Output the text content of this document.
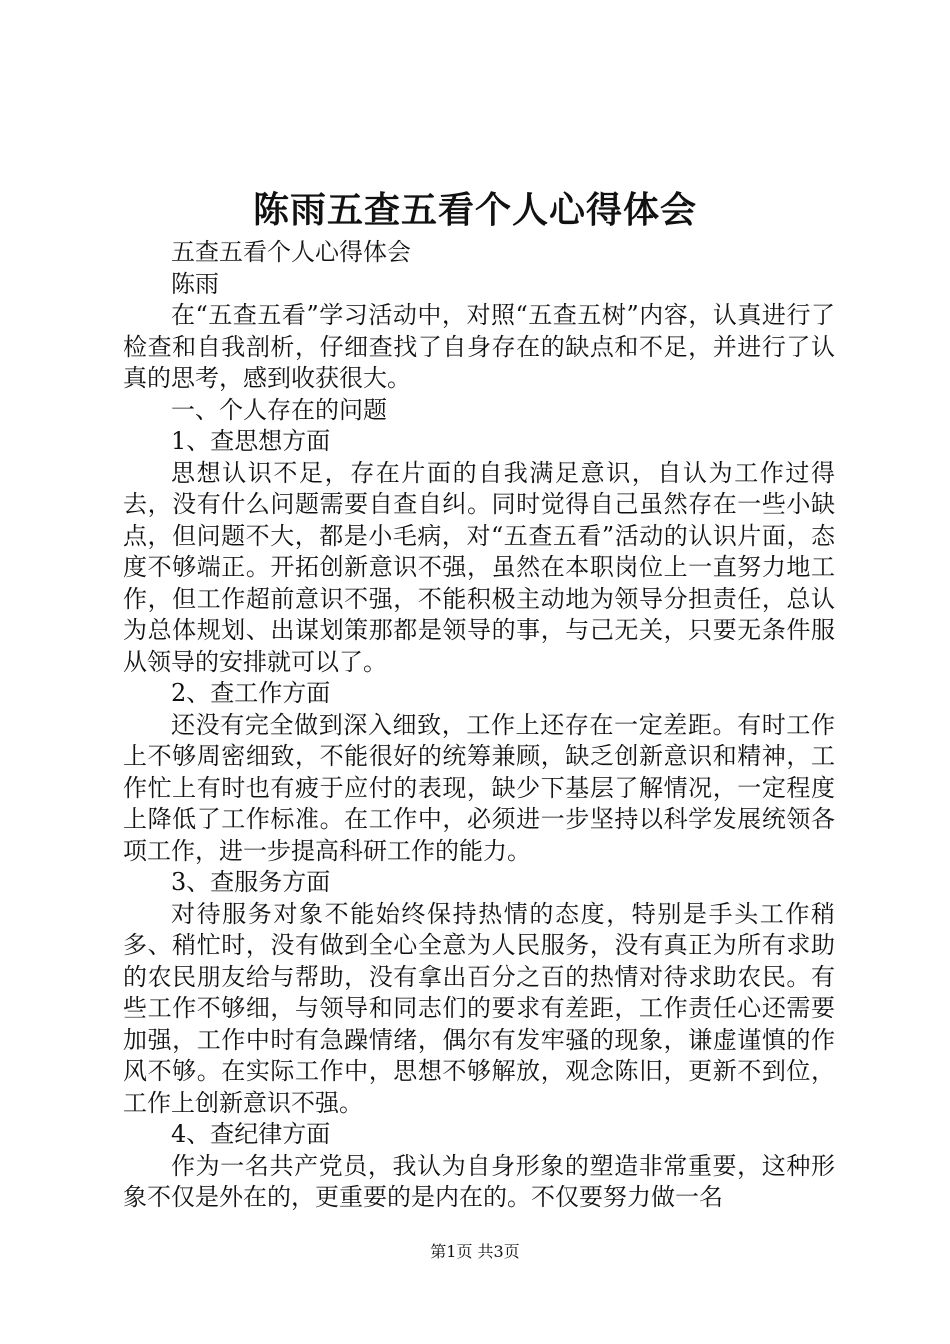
陈雨五查五看个人心得体会

五查五看个人心得体会

陈雨

在“五查五看”学习活动中，对照“五查五树”内容，认真进行了检查和自我剖析，仔细查找了自身存在的缺点和不足，并进行了认真的思考，感到收获很大。

一、个人存在的问题

1、查思想方面

思想认识不足，存在片面的自我满足意识，自认为工作过得去，没有什么问题需要自查自纠。同时觉得自己虽然存在一些小缺点，但问题不大，都是小毛病，对“五查五看”活动的认识片面，态度不够端正。开拓创新意识不强，虽然在本职岗位上一直努力地工作，但工作超前意识不强，不能积极主动地为领导分担责任，总认为总体规划、出谋划策那都是领导的事，与己无关，只要无条件服从领导的安排就可以了。

2、查工作方面

还没有完全做到深入细致，工作上还存在一定差距。有时工作上不够周密细致，不能很好的统筹兼顾，缺乏创新意识和精神，工作忙上有时也有疲于应付的表现，缺少下基层了解情况，一定程度上降低了工作标准。在工作中，必须进一步坚持以科学发展统领各项工作，进一步提高科研工作的能力。

3、查服务方面

对待服务对象不能始终保持热情的态度，特别是手头工作稍多、稍忙时，没有做到全心全意为人民服务，没有真正为所有求助的农民朋友给与帮助，没有拿出百分之百的热情对待求助农民。有些工作不够细，与领导和同志们的要求有差距，工作责任心还需要加强，工作中时有急躁情绪，偶尔有发牢骚的现象，谦虚谨慎的作风不够。在实际工作中，思想不够解放，观念陈旧，更新不到位，工作上创新意识不强。

4、查纪律方面

作为一名共产党员，我认为自身形象的塑造非常重要，这种形象不仅是外在的，更重要的是内在的。不仅要努力做一名

第1页 共3页
